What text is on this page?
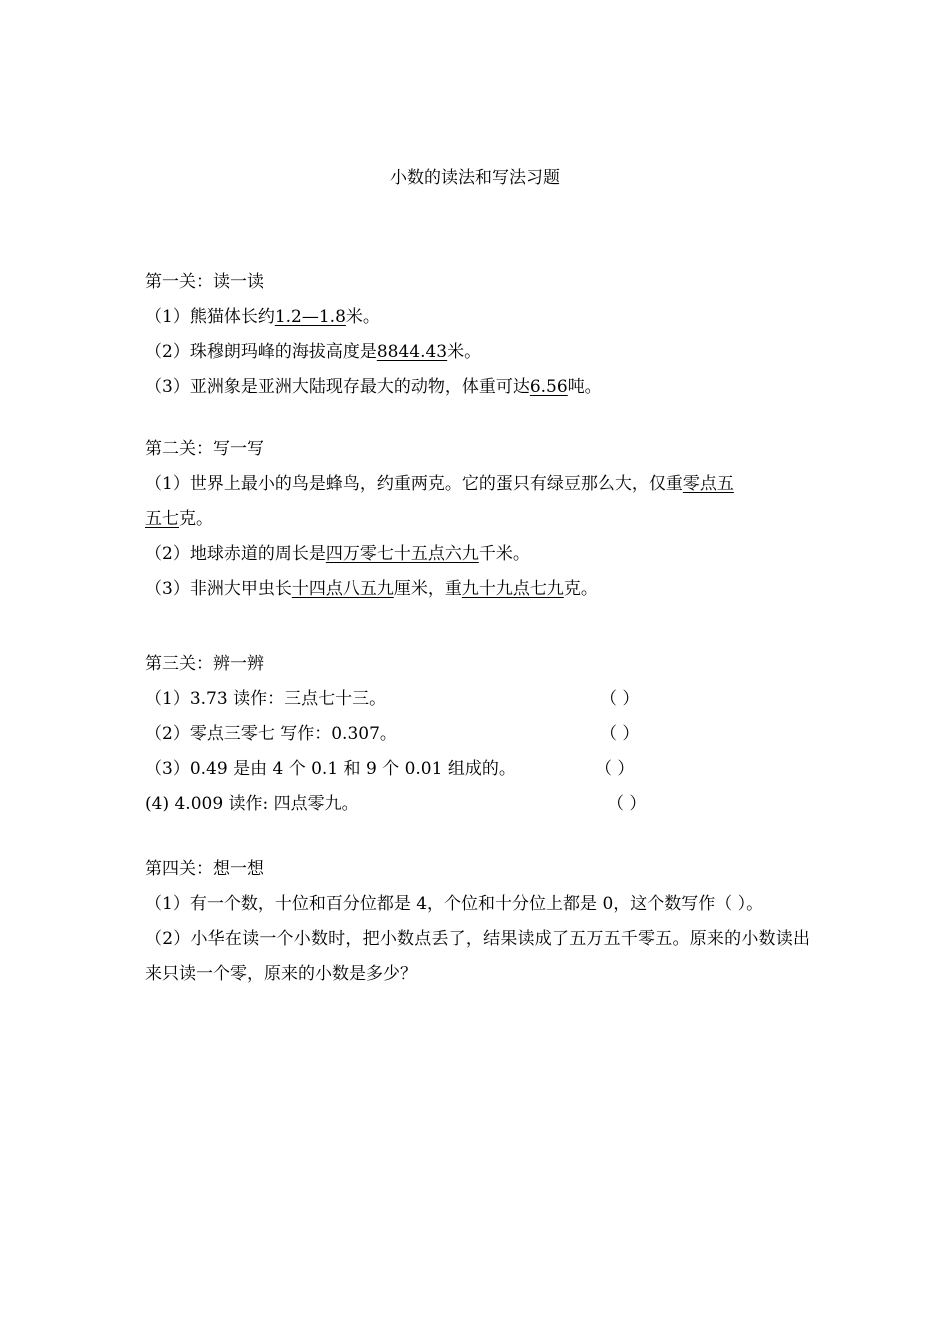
小数的读法和写法习题
第一关：读一读
（1）熊猫体长约1.2—1.8米。
（2）珠穆朗玛峰的海拔高度是8844.43米。
（3）亚洲象是亚洲大陆现存最大的动物，体重可达6.56吨。
第二关：写一写
（1）世界上最小的鸟是蜂鸟，约重两克。它的蛋只有绿豆那么大，仅重零点五
五七克。
（2）地球赤道的周长是四万零七十五点六九千米。
（3）非洲大甲虫长十四点八五九厘米，重九十九点七九克。
第三关：辨一辨
（1）3.73 读作：三点七十三。	（ ）
（2）零点三零七 写作：0.307。	（ ）
（3）0.49 是由 4 个 0.1 和 9 个 0.01 组成的。	（ ）
(4) 4.009 读作: 四点零九。	（ ）
第四关：想一想
（1）有一个数，十位和百分位都是 4，个位和十分位上都是 0，这个数写作（ ）。
（2）小华在读一个小数时，把小数点丢了，结果读成了五万五千零五。原来的小数读出来只读一个零，原来的小数是多少？
